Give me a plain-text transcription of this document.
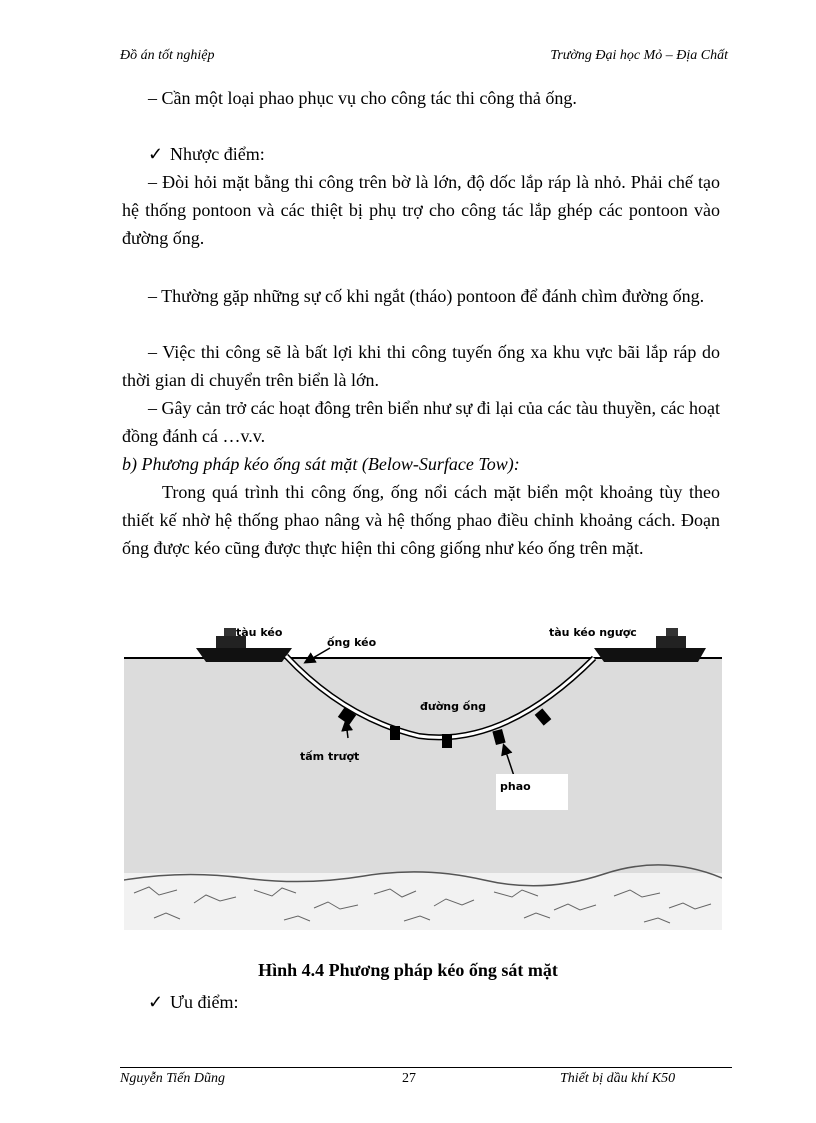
Đồ án tốt nghiệp	Trường Đại học Mỏ – Địa Chất
– Cần một loại phao phục vụ cho công tác thi công thả ống.
✓ Nhược điểm:
– Đòi hỏi mặt bằng thi công trên bờ là lớn, độ dốc lắp ráp là nhỏ. Phải chế tạo hệ thống pontoon và các thiệt bị phụ trợ cho công tác lắp ghép các pontoon vào đường ống.
– Thường gặp những sự cố khi ngắt (tháo) pontoon để đánh chìm đường ống.
– Việc thi công sẽ là bất lợi khi thi công tuyến ống xa khu vực bãi lắp ráp do thời gian di chuyển trên biển là lớn.
– Gây cản trở các hoạt đông trên biển như sự đi lại của các tàu thuyền, các hoạt đồng đánh cá …v.v.
b) Phương pháp kéo ống sát mặt (Below-Surface Tow):
Trong quá trình thi công ống, ống nổi cách mặt biển một khoảng tùy theo thiết kế nhờ hệ thống phao nâng và hệ thống phao điều chỉnh khoảng cách. Đoạn ống được kéo cũng được thực hiện thi công giống như kéo ống trên mặt.
tàu kéo
ống kéo
tàu kéo ngược
đường ống
tấm trượt
phao
Hình 4.4 Phương pháp kéo ống sát mặt
✓ Ưu điểm:
Nguyễn Tiến Dũng	27	Thiết bị dầu khí K50
